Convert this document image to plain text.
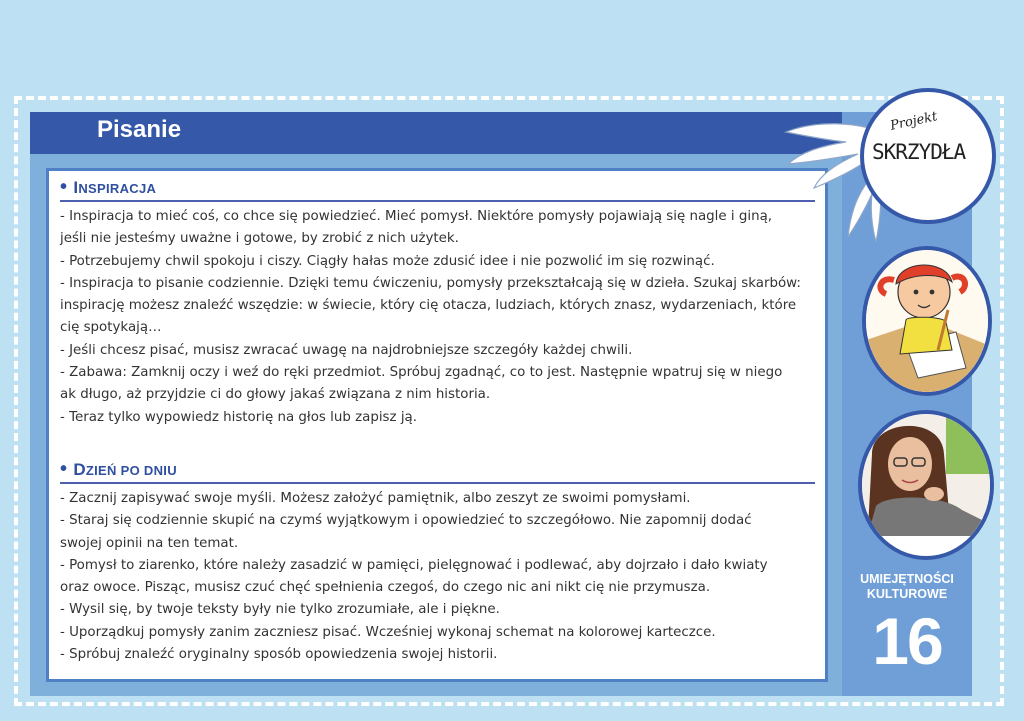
Pisanie
• INSPIRACJA
- Inspiracja to mieć coś, co chce się powiedzieć. Mieć pomysł. Niektóre pomysły pojawiają się nagle i giną,
jeśli nie jesteśmy uważne i gotowe, by zrobić z nich użytek.
- Potrzebujemy chwil spokoju i ciszy. Ciągły hałas może zdusić idee i nie pozwolić im się rozwinąć.
- Inspiracja to pisanie codziennie. Dzięki temu ćwiczeniu, pomysły przekształcają się w dzieła. Szukaj skarbów:
inspirację możesz znaleźć wszędzie: w świecie, który cię otacza, ludziach, których znasz, wydarzeniach, które
cię spotykają…
- Jeśli chcesz pisać, musisz zwracać uwagę na najdrobniejsze szczegóły każdej chwili.
- Zabawa: Zamknij oczy i weź do ręki przedmiot. Spróbuj zgadnąć, co to jest. Następnie wpatruj się w niego
ak długo, aż przyjdzie ci do głowy jakaś związana z nim historia.
- Teraz tylko wypowiedz historię na głos lub zapisz ją.
• DZIEŃ PO DNIU
- Zacznij zapisywać swoje myśli. Możesz założyć pamiętnik, albo zeszyt ze swoimi pomysłami.
- Staraj się codziennie skupić na czymś wyjątkowym i opowiedzieć to szczegółowo. Nie zapomnij dodać
swojej opinii na ten temat.
- Pomysł to ziarenko, które należy zasadzić w pamięci, pielęgnować i podlewać, aby dojrzało i dało kwiaty
oraz owoce. Pisząc, musisz czuć chęć spełnienia czegoś, do czego nic ani nikt cię nie przymusza.
- Wysil się, by twoje teksty były nie tylko zrozumiałe, ale i piękne.
- Uporządkuj pomysły zanim zaczniesz pisać. Wcześniej wykonaj schemat na kolorowej karteczce.
- Spróbuj znaleźć oryginalny sposób opowiedzenia swojej historii.
Projekt
SKRZYDŁA
UMIEJĘTNOŚCI
KULTUROWE
16
